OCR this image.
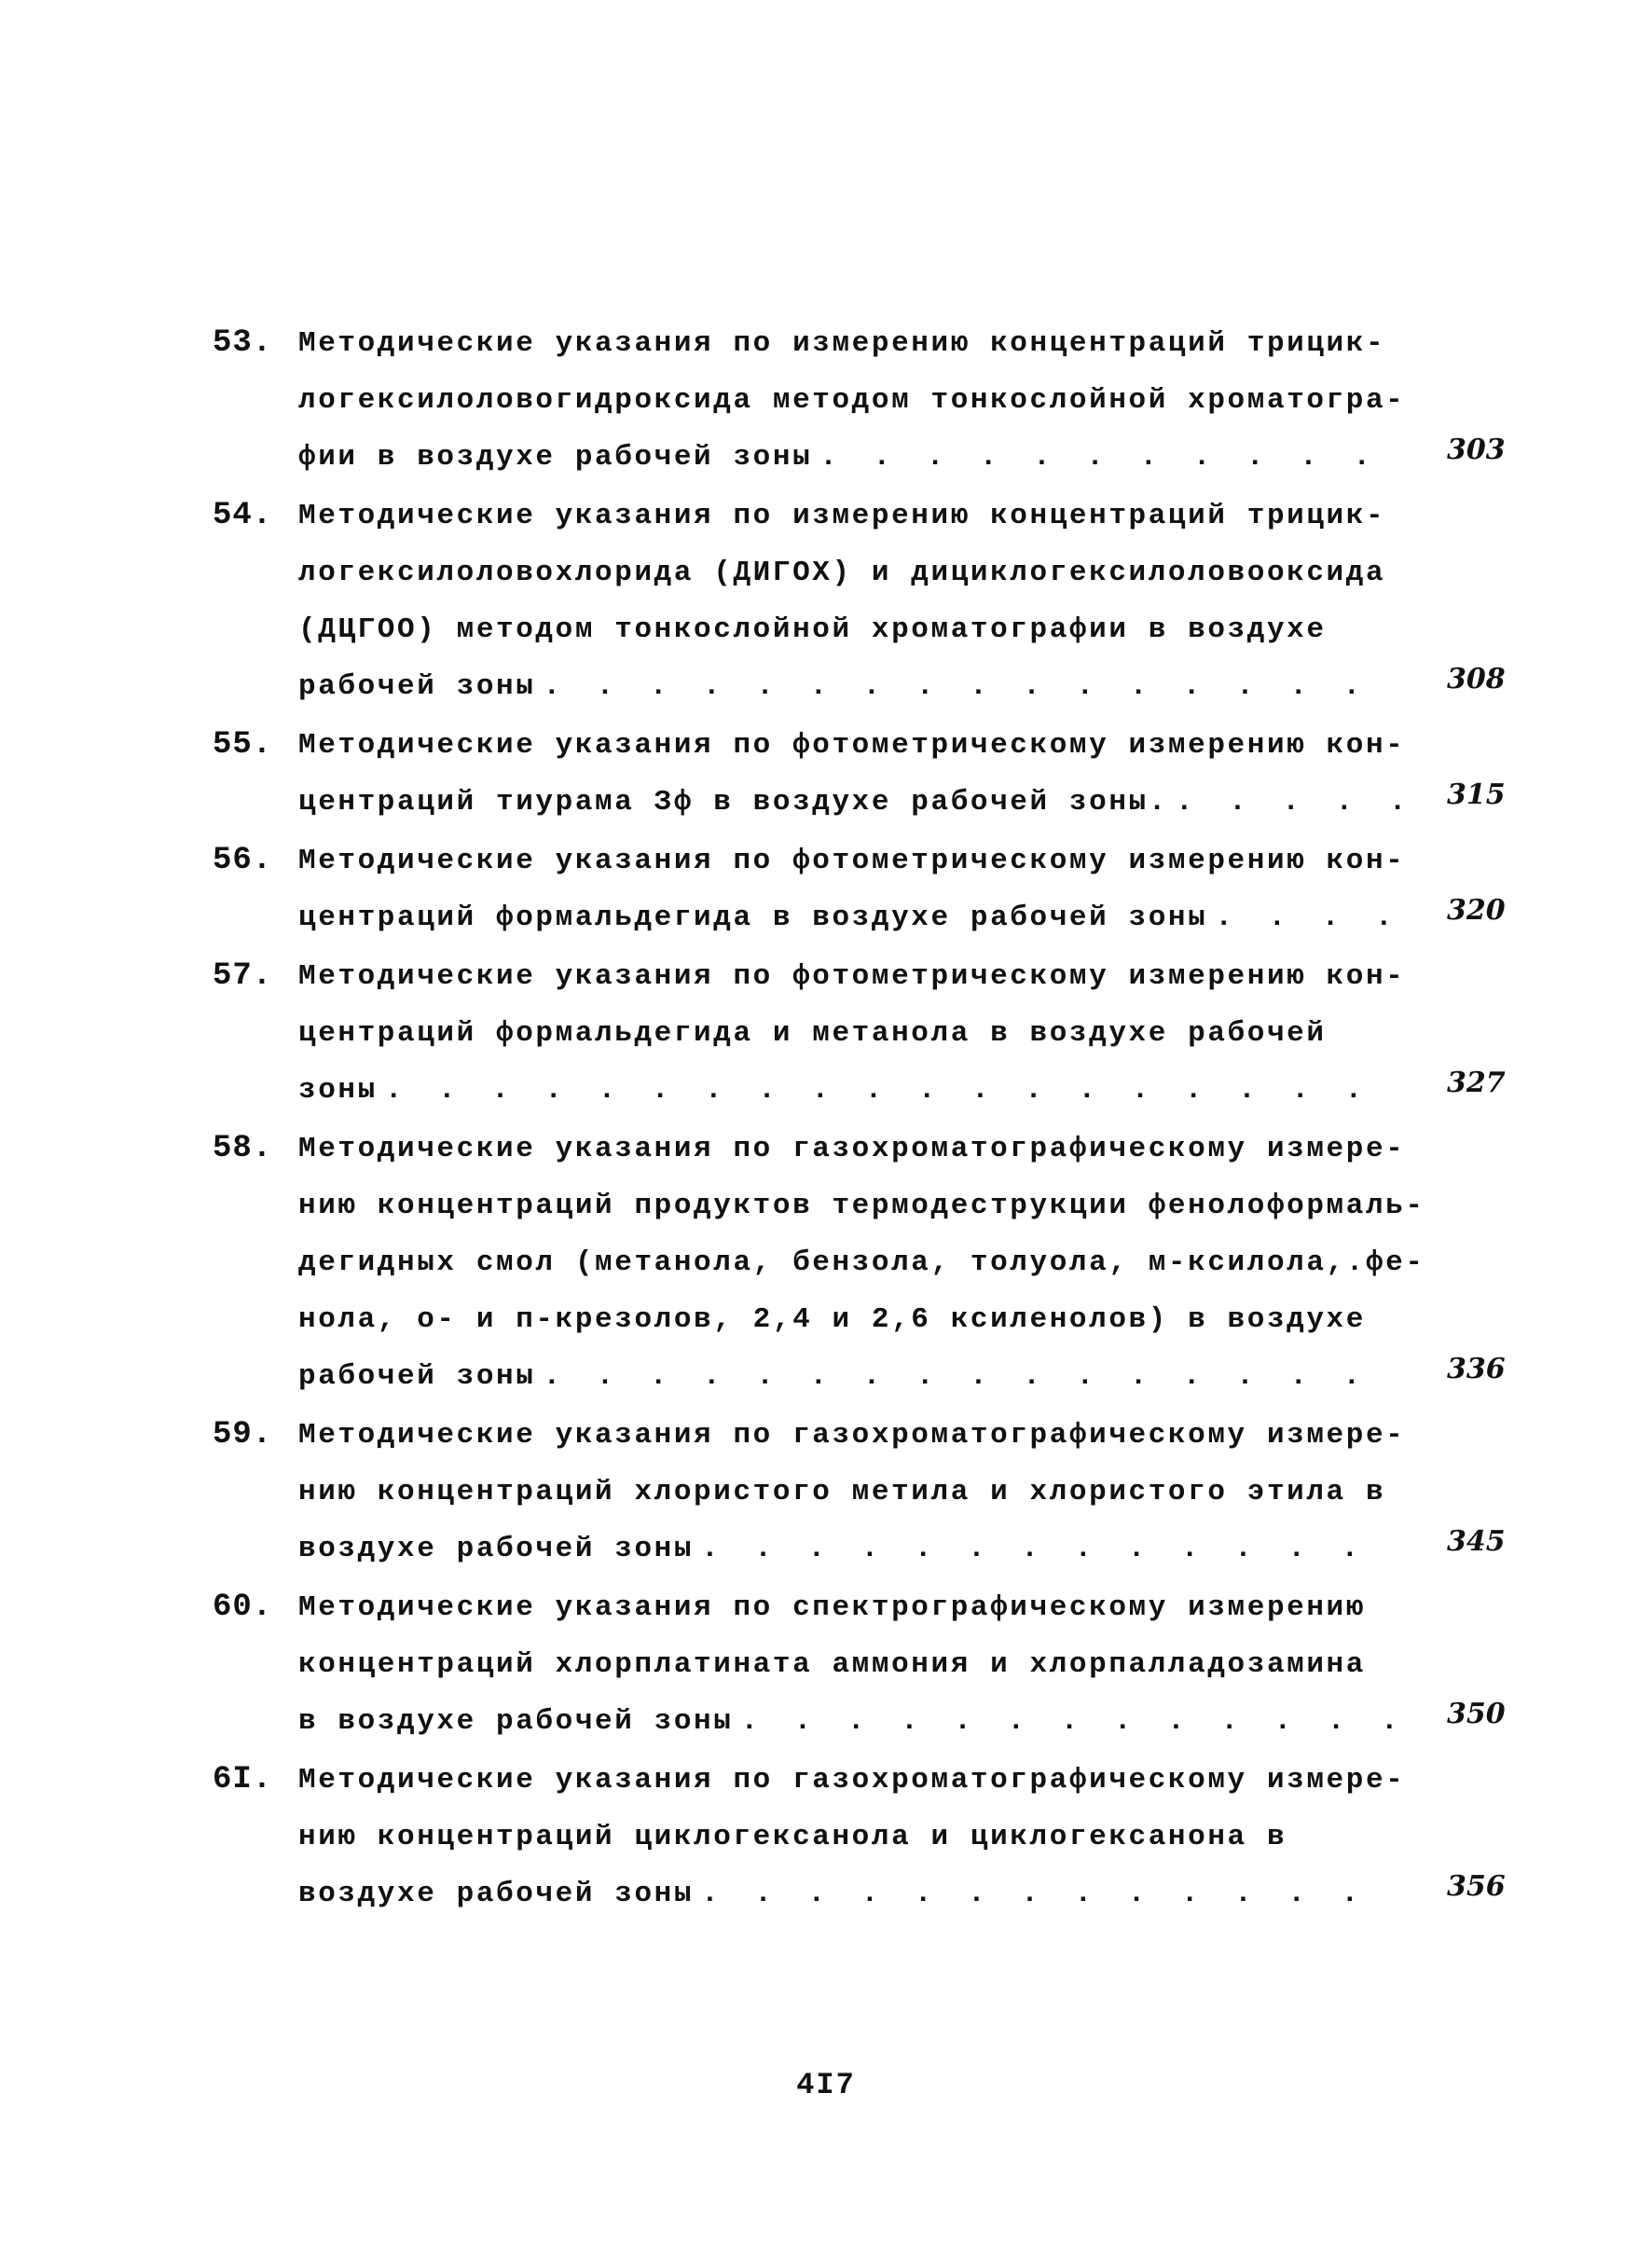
53. Методические указания по измерению концентраций трицик-
логексилоловогидроксида методом тонкослойной хроматогра-
фии в воздухе рабочей зоны . . .	303
54. Методические указания по измерению концентраций трицик-
логексилоловохлорида (ДИГОХ) и дициклогексилоловооксида
(ДЦГОО) методом тонкослойной хроматографии в воздухе
рабочей зоны . . .	308
55. Методические указания по фотометрическому измерению кон-
центраций тиурама Зф в воздухе рабочей зоны. . . .	315
56. Методические указания по фотометрическому измерению кон-
центраций формальдегида в воздухе рабочей зоны . . .	320
57. Методические указания по фотометрическому измерению кон-
центраций формальдегида и метанола в воздухе рабочей
зоны . . .	327
58. Методические указания по газохроматографическому измере-
нию концентраций продуктов термодеструкции фенолоформаль-
дегидных смол (метанола, бензола, толуола, м-ксилола,.фе-
нола, о- и п-крезолов, 2,4 и 2,6 ксиленолов) в воздухе
рабочей зоны . . .	336
59. Методические указания по газохроматографическому измере-
нию концентраций хлористого метила и хлористого этила в
воздухе рабочей зоны . . .	345
60. Методические указания по спектрографическому измерению
концентраций хлорплатината аммония и хлорпалладозамина
в воздухе рабочей зоны . . .	350
6I. Методические указания по газохроматографическому измере-
нию концентраций циклогексанола и циклогексанона в
воздухе рабочей зоны . . .	356
4I7
